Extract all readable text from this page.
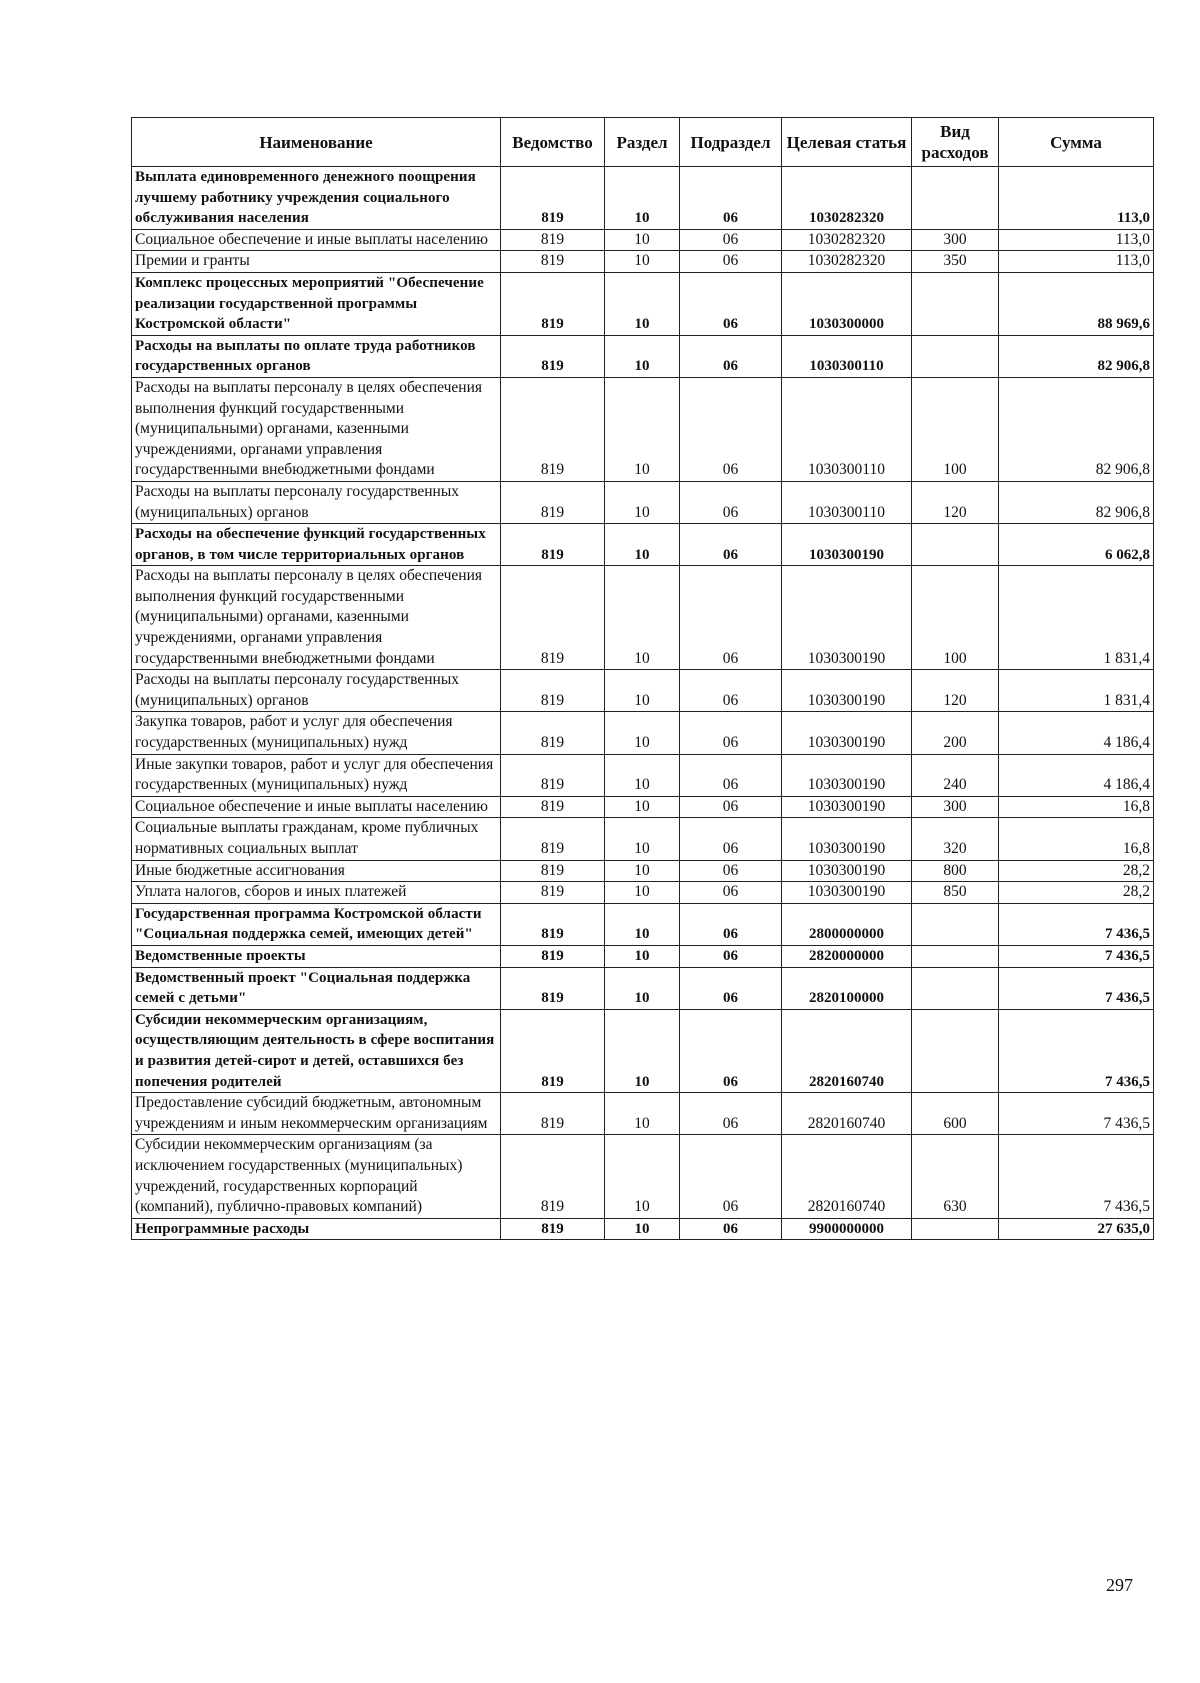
Наименование	Ведомство	Раздел	Подраздел	Целевая статья	Вид расходов	Сумма
Выплата единовременного денежного поощрения лучшему работнику учреждения социального обслуживания населения	819	10	06	1030282320		113,0
Социальное обеспечение и иные выплаты населению	819	10	06	1030282320	300	113,0
Премии и гранты	819	10	06	1030282320	350	113,0
Комплекс процессных мероприятий "Обеспечение реализации государственной программы Костромской области"	819	10	06	1030300000		88 969,6
Расходы на выплаты по оплате труда работников государственных органов	819	10	06	1030300110		82 906,8
Расходы на выплаты персоналу в целях обеспечения выполнения функций государственными (муниципальными) органами, казенными учреждениями, органами управления государственными внебюджетными фондами	819	10	06	1030300110	100	82 906,8
Расходы на выплаты персоналу государственных (муниципальных) органов	819	10	06	1030300110	120	82 906,8
Расходы на обеспечение функций государственных органов, в том числе территориальных органов	819	10	06	1030300190		6 062,8
Расходы на выплаты персоналу в целях обеспечения выполнения функций государственными (муниципальными) органами, казенными учреждениями, органами управления государственными внебюджетными фондами	819	10	06	1030300190	100	1 831,4
Расходы на выплаты персоналу государственных (муниципальных) органов	819	10	06	1030300190	120	1 831,4
Закупка товаров, работ и услуг для обеспечения государственных (муниципальных) нужд	819	10	06	1030300190	200	4 186,4
Иные закупки товаров, работ и услуг для обеспечения государственных (муниципальных) нужд	819	10	06	1030300190	240	4 186,4
Социальное обеспечение и иные выплаты населению	819	10	06	1030300190	300	16,8
Социальные выплаты гражданам, кроме публичных нормативных социальных выплат	819	10	06	1030300190	320	16,8
Иные бюджетные ассигнования	819	10	06	1030300190	800	28,2
Уплата налогов, сборов и иных платежей	819	10	06	1030300190	850	28,2
Государственная программа Костромской области "Социальная поддержка семей, имеющих детей"	819	10	06	2800000000		7 436,5
Ведомственные проекты	819	10	06	2820000000		7 436,5
Ведомственный проект "Социальная поддержка семей с детьми"	819	10	06	2820100000		7 436,5
Субсидии некоммерческим организациям, осуществляющим деятельность в сфере воспитания и развития детей-сирот и детей, оставшихся без попечения родителей	819	10	06	2820160740		7 436,5
Предоставление субсидий бюджетным, автономным учреждениям и иным некоммерческим организациям	819	10	06	2820160740	600	7 436,5
Субсидии некоммерческим организациям (за исключением государственных (муниципальных) учреждений, государственных корпораций (компаний), публично-правовых компаний)	819	10	06	2820160740	630	7 436,5
Непрограммные расходы	819	10	06	9900000000		27 635,0
297
